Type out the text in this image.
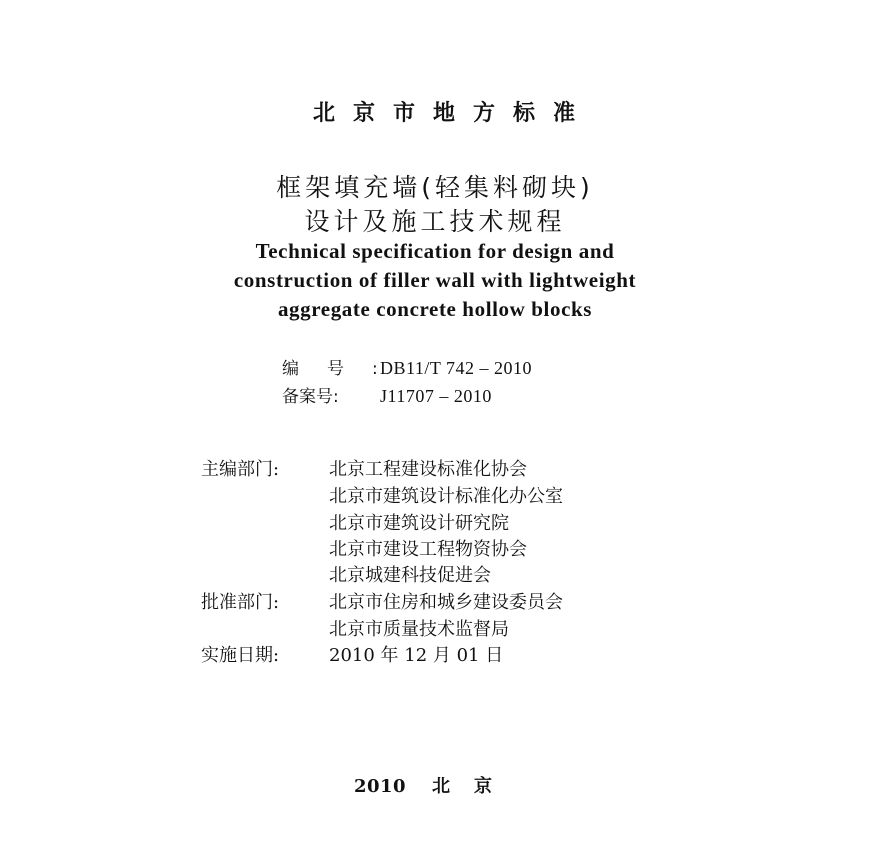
北京市地方标准
框架填充墙(轻集料砌块)
设计及施工技术规程
Technical specification for design and
construction of filler wall with lightweight
aggregate concrete hollow blocks
编号:DB11/T 742 – 2010
备案号: J11707 – 2010
主编部门:	北京工程建设标准化协会
北京市建筑设计标准化办公室
北京市建筑设计研究院
北京市建设工程物资协会
北京城建科技促进会
批准部门:	北京市住房和城乡建设委员会
北京市质量技术监督局
实施日期:	2010 年 12 月 01 日
2010 北京
